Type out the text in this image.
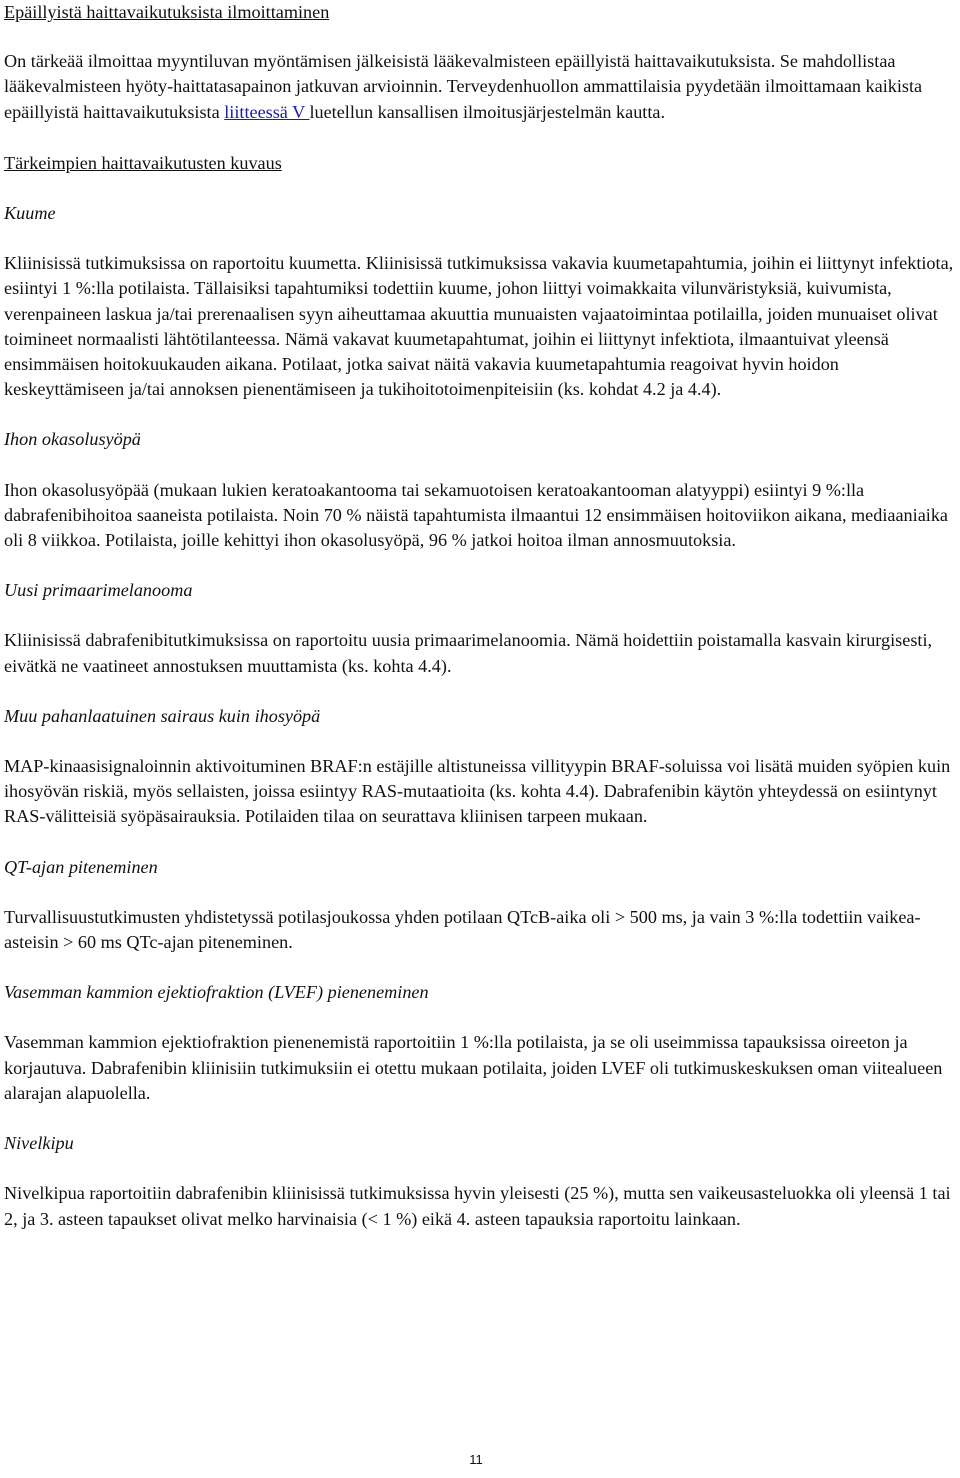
Epäillyistä haittavaikutuksista ilmoittaminen

On tärkeää ilmoittaa myyntiluvan myöntämisen jälkeisistä lääkevalmisteen epäillyistä haittavaikutuksista. Se mahdollistaa lääkevalmisteen hyöty-haittatasapainon jatkuvan arvioinnin. Terveydenhuollon ammattilaisia pyydetään ilmoittamaan kaikista epäillyistä haittavaikutuksista liitteessä V luetellun kansallisen ilmoitusjärjestelmän kautta.

Tärkeimpien haittavaikutusten kuvaus
Kuume

Kliinisissä tutkimuksissa on raportoitu kuumetta. Kliinisissä tutkimuksissa vakavia kuumetapahtumia, joihin ei liittynyt infektiota, esiintyi 1 %:lla potilaista. Tällaisiksi tapahtumiksi todettiin kuume, johon liittyi voimakkaita vilunväristyksiä, kuivumista, verenpaineen laskua ja/tai prerenaalisen syyn aiheuttamaa akuuttia munuaisten vajaatoimintaa potilailla, joiden munuaiset olivat toimineet normaalisti lähtötilanteessa. Nämä vakavat kuumetapahtumat, joihin ei liittynyt infektiota, ilmaantuivat yleensä ensimmäisen hoitokuukauden aikana. Potilaat, jotka saivat näitä vakavia kuumetapahtumia reagoivat hyvin hoidon keskeyttämiseen ja/tai annoksen pienentämiseen ja tukihoitotoimenpiteisiin (ks. kohdat 4.2 ja 4.4).

Ihon okasolusyöpä

Ihon okasolusyöpää (mukaan lukien keratoakantooma tai sekamuotoisen keratoakantooman alatyyppi) esiintyi 9 %:lla dabrafenibihoitoa saaneista potilaista. Noin 70 % näistä tapahtumista ilmaantui 12 ensimmäisen hoitoviikon aikana, mediaaniaika oli 8 viikkoa. Potilaista, joille kehittyi ihon okasolusyöpä, 96 % jatkoi hoitoa ilman annosmuutoksia.

Uusi primaarimelanooma

Kliinisissä dabrafenibitutkimuksissa on raportoitu uusia primaarimelanoomia. Nämä hoidettiin poistamalla kasvain kirurgisesti, eivätkä ne vaatineet annostuksen muuttamista (ks. kohta 4.4).

Muu pahanlaatuinen sairaus kuin ihosyöpä

MAP-kinaasisignaloinnin aktivoituminen BRAF:n estäjille altistuneissa villityypin BRAF-soluissa voi lisätä muiden syöpien kuin ihosyövän riskiä, myös sellaisten, joissa esiintyy RAS-mutaatioita (ks. kohta 4.4). Dabrafenibin käytön yhteydessä on esiintynyt RAS-välitteisiä syöpäsairauksia. Potilaiden tilaa on seurattava kliinisen tarpeen mukaan.

QT-ajan piteneminen

Turvallisuustutkimusten yhdistetyssä potilasjoukossa yhden potilaan QTcB-aika oli > 500 ms, ja vain 3 %:lla todettiin vaikea-asteisin > 60 ms QTc-ajan piteneminen.

Vasemman kammion ejektiofraktion (LVEF) pieneneminen

Vasemman kammion ejektiofraktion pienenemistä raportoitiin 1 %:lla potilaista, ja se oli useimmissa tapauksissa oireeton ja korjautuva. Dabrafenibin kliinisiin tutkimuksiin ei otettu mukaan potilaita, joiden LVEF oli tutkimuskeskuksen oman viitealueen alarajan alapuolella.

Nivelkipu

Nivelkipua raportoitiin dabrafenibin kliinisissä tutkimuksissa hyvin yleisesti (25 %), mutta sen vaikeusasteluokka oli yleensä 1 tai 2, ja 3. asteen tapaukset olivat melko harvinaisia (< 1 %) eikä 4. asteen tapauksia raportoitu lainkaan.

11
